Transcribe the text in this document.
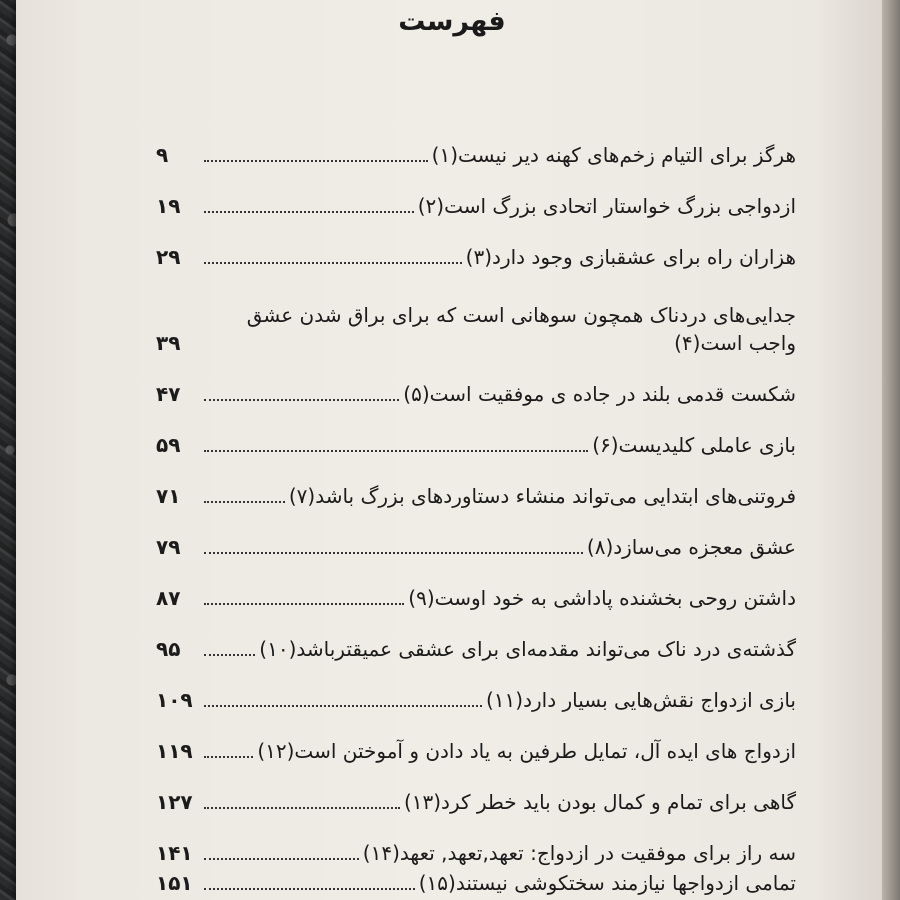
فهرست
هرگز برای التیام زخم‌های کهنه دیر نیست(۱)
۹
ازدواجی بزرگ خواستار اتحادی بزرگ است(۲)
۱۹
هزاران راه برای عشقبازی وجود دارد(۳)
۲۹
جدایی‌های دردناک همچون سوهانی است که برای براق شدن عشق واجب است(۴)
۳۹
شکست قدمی بلند در جاده ی موفقیت است(۵)
۴۷
بازی عاملی کلیدیست(۶)
۵۹
فروتنی‌های ابتدایی می‌تواند منشاء دستاوردهای بزرگ باشد(۷)
۷۱
عشق معجزه می‌سازد(۸)
۷۹
داشتن روحی بخشنده پاداشی به خود اوست(۹)
۸۷
گذشته‌ی درد ناک می‌تواند مقدمه‌ای برای عشقی عمیقترباشد(۱۰)
۹۵
بازی ازدواج نقش‌هایی بسیار دارد(۱۱)
۱۰۹
ازدواج های ایده آل، تمایل طرفین به یاد دادن و آموختن است(۱۲)
۱۱۹
گاهی برای تمام و کمال بودن باید خطر کرد(۱۳)
۱۲۷
سه راز برای موفقیت در ازدواج: تعهد,تعهد, تعهد(۱۴)
۱۴۱
تمامی ازدواجها نیازمند سختکوشی نیستند(۱۵)
۱۵۱
